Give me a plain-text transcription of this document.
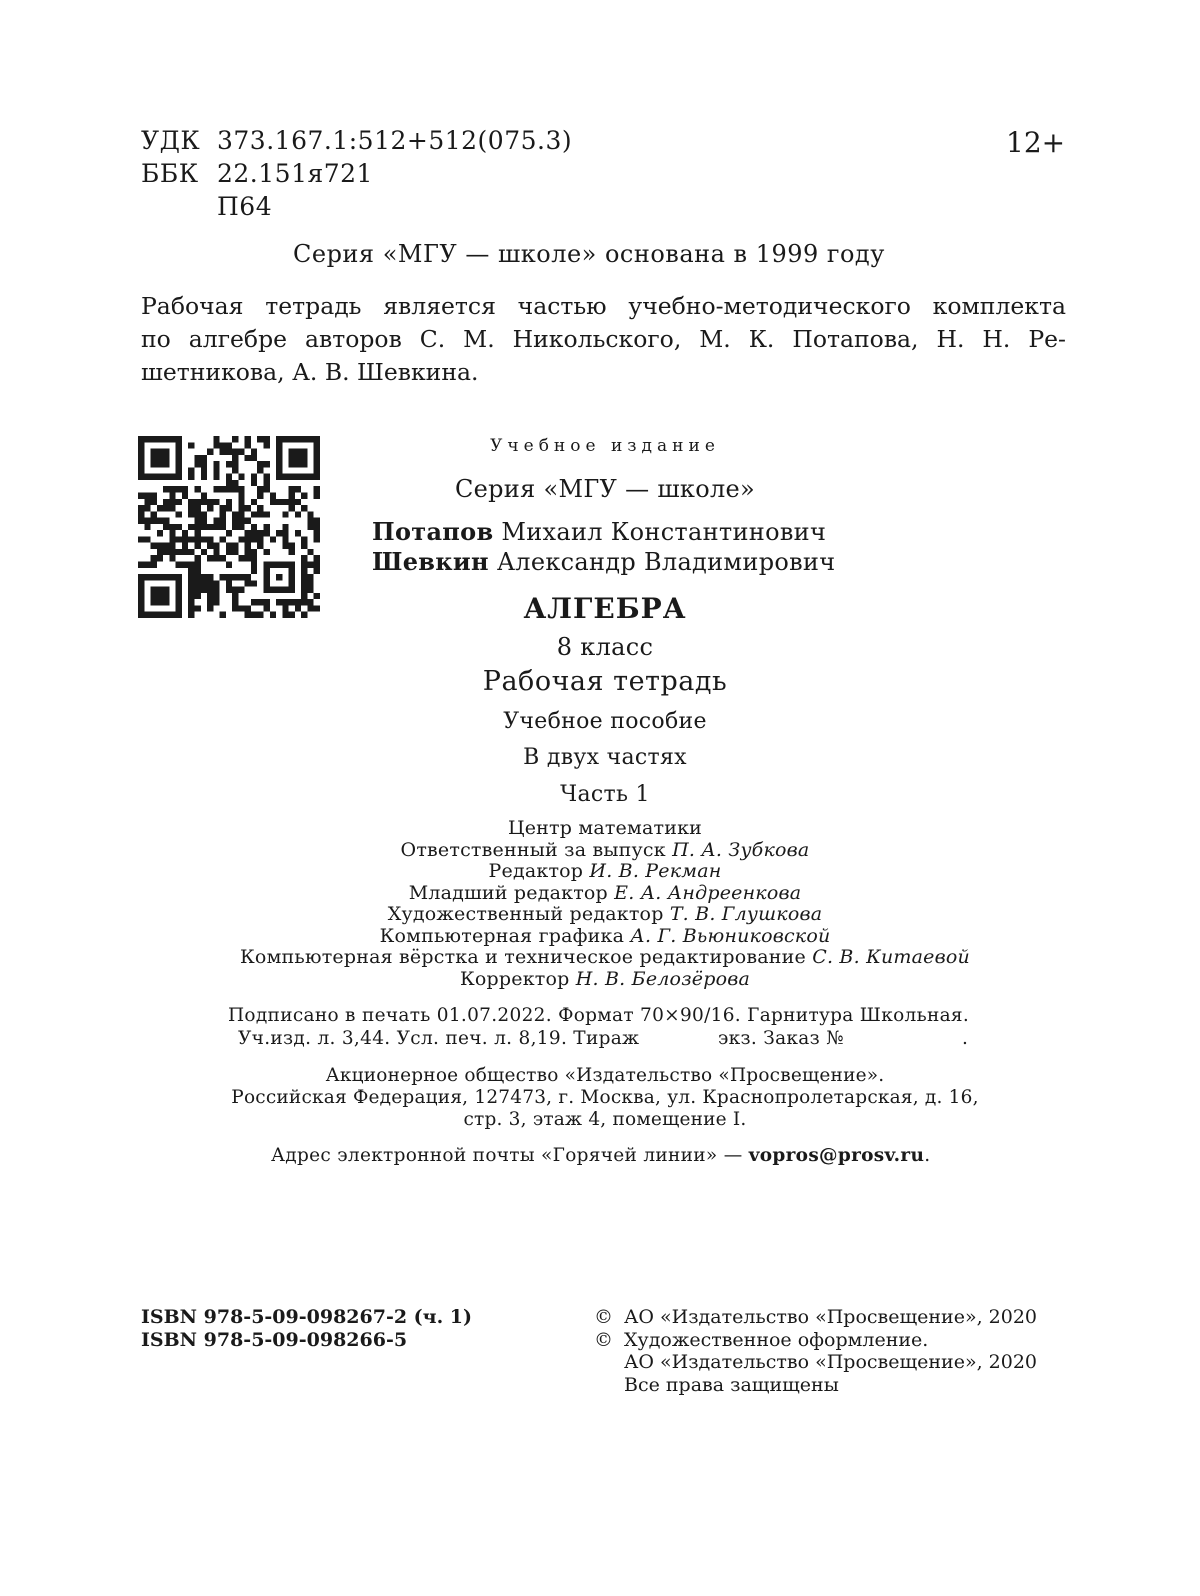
УДК 373.167.1:512+512(075.3)
ББК 22.151я721
П64
12+
Серия «МГУ — школе» основана в 1999 году
Рабочая тетрадь является частью учебно-методического комплекта
по алгебре авторов С. М. Никольского, М. К. Потапова, Н. Н. Ре-
шетникова, А. В. Шевкина.
Учебное издание
Серия «МГУ — школе»
Потапов Михаил Константинович
Шевкин Александр Владимирович
АЛГЕБРА
8 класс
Рабочая тетрадь
Учебное пособие
В двух частях
Часть 1
Центр математики
Ответственный за выпуск П. А. Зубкова
Редактор И. В. Рекман
Младший редактор Е. А. Андреенкова
Художественный редактор Т. В. Глушкова
Компьютерная графика А. Г. Вьюниковской
Компьютерная вёрстка и техническое редактирование С. В. Китаевой
Корректор Н. В. Белозёрова
Подписано в печать 01.07.2022. Формат 70×90/16. Гарнитура Школьная.
Уч.изд. л. 3,44. Усл. печ. л. 8,19. Тираж	экз. Заказ №	.
Акционерное общество «Издательство «Просвещение».
Российская Федерация, 127473, г. Москва, ул. Краснопролетарская, д. 16,
стр. 3, этаж 4, помещение I.
Адрес электронной почты «Горячей линии» — vopros@prosv.ru.
ISBN 978-5-09-098267-2 (ч. 1)
ISBN 978-5-09-098266-5
© АО «Издательство «Просвещение», 2020
© Художественное оформление.
АО «Издательство «Просвещение», 2020
Все права защищены
